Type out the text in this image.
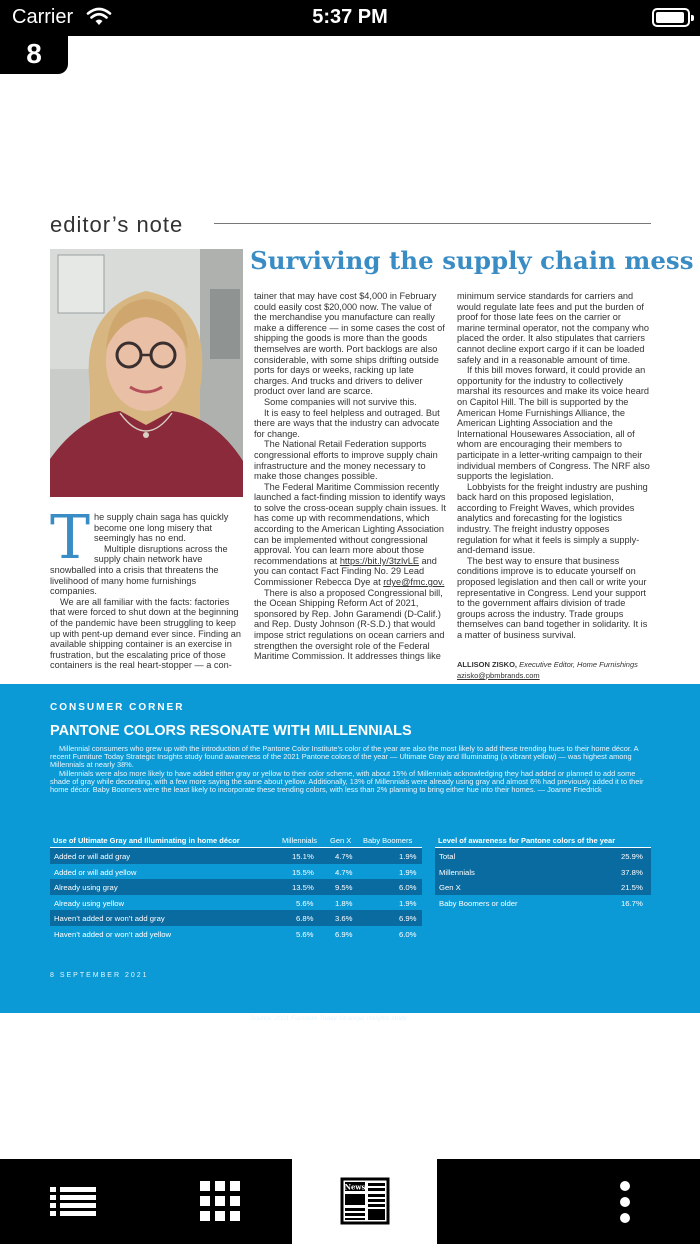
Carrier	5:37 PM
8
editor’s note
Surviving the supply chain mess
T he supply chain saga has quickly become one long misery that seemingly has no end.

Multiple disruptions across the supply chain network have snowballed into a crisis that threatens the livelihood of many home furnishings companies.

We are all familiar with the facts: factories that were forced to shut down at the beginning of the pandemic have been struggling to keep up with pent-up demand ever since. Finding an available shipping container is an exercise in frustration, but the escalating price of those containers is the real heart-stopper — a con-

tainer that may have cost $4,000 in February could easily cost $20,000 now. The value of the merchandise you manufacture can really make a difference — in some cases the cost of shipping the goods is more than the goods themselves are worth. Port backlogs are also considerable, with some ships drifting outside ports for days or weeks, racking up late charges. And trucks and drivers to deliver product over land are scarce.

Some companies will not survive this.

It is easy to feel helpless and outraged. But there are ways that the industry can advocate for change.

The National Retail Federation supports congressional efforts to improve supply chain infrastructure and the money necessary to make those changes possible.

The Federal Maritime Commission recently launched a fact-finding mission to identify ways to solve the cross-ocean supply chain issues. It has come up with recommendations, which according to the American Lighting Association can be implemented without congressional approval. You can learn more about those recommendations at https://bit.ly/3tzlvLE and you can contact Fact Finding No. 29 Lead Commissioner Rebecca Dye at rdye@fmc.gov.

There is also a proposed Congressional bill, the Ocean Shipping Reform Act of 2021, sponsored by Rep. John Garamendi (D-Calif.) and Rep. Dusty Johnson (R-S.D.) that would impose strict regulations on ocean carriers and strengthen the oversight role of the Federal Maritime Commission. It addresses things like

minimum service standards for carriers and would regulate late fees and put the burden of proof for those late fees on the carrier or marine terminal operator, not the company who placed the order. It also stipulates that carriers cannot decline export cargo if it can be loaded safely and in a reasonable amount of time.

If this bill moves forward, it could provide an opportunity for the industry to collectively marshal its resources and make its voice heard on Capitol Hill. The bill is supported by the American Home Furnishings Alliance, the American Lighting Association and the International Housewares Association, all of whom are encouraging their members to participate in a letter-writing campaign to their individual members of Congress. The NRF also supports the legislation.

Lobbyists for the freight industry are pushing back hard on this proposed legislation, according to Freight Waves, which provides analytics and forecasting for the logistics industry. The freight industry opposes regulation for what it feels is simply a supply-and-demand issue.

The best way to ensure that business conditions improve is to educate yourself on proposed legislation and then call or write your representative in Congress. Lend your support to the government affairs division of trade groups across the industry. Trade groups themselves can band together in solidarity. It is a matter of business survival.

ALLISON ZISKO, Executive Editor, Home Furnishings
azisko@pbmbrands.com
CONSUMER CORNER
PANTONE COLORS RESONATE WITH MILLENNIALS

Millennial consumers who grew up with the introduction of the Pantone Color Institute’s color of the year are also the most likely to add these trending hues to their home décor. A recent Furniture Today Strategic Insights study found awareness of the 2021 Pantone colors of the year — Ultimate Gray and Illuminating (a vibrant yellow) — was highest among Millennials at nearly 38%.

Millennials were also more likely to have added either gray or yellow to their color scheme, with about 15% of Millennials acknowledging they had added or planned to add some shade of gray while decorating, with a few more saying the same about yellow. Additionally, 13% of Millennials were already using gray and almost 6% had previously added it to their home décor. Baby Boomers were the least likely to incorporate these trending colors, with less than 2% planning to bring either hue into their homes. — Joanne Friedrick

Use of Ultimate Gray and Illuminating in home décor	Millennials Gen X Baby Boomers
Added or will add gray	15.1%	4.7%	1.9%
Added or will add yellow	15.5%	4.7%	1.9%
Already using gray	13.5%	9.5%	6.0%
Already using yellow	5.6%	1.8%	1.9%
Haven’t added or won’t add gray	6.8%	3.6%	6.9%
Haven’t added or won’t add yellow	5.6%	6.9%	6.0%
Level of awareness for Pantone colors of the year
Total	25.9%
Millennials	37.8%
Gen X	21.5%
Baby Boomers or older	16.7%
Source: 2021 Furniture Today Strategic Insights study
8 SEPTEMBER 2021
News
